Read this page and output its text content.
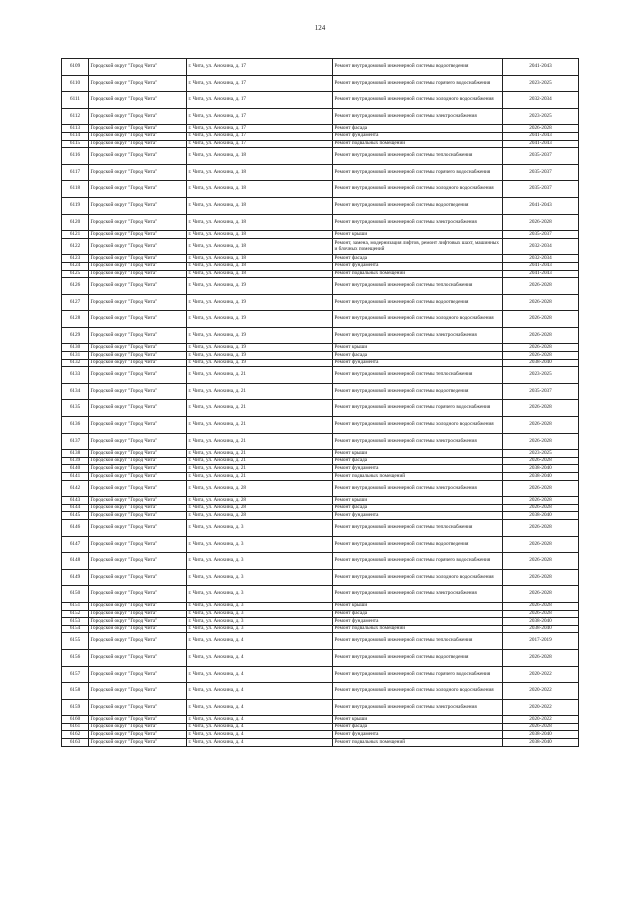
124
6109	Городской округ "Город Чита"	г. Чита, ул. Анохина, д. 17	Ремонт внутридомовой инженерной системы водоотведения	2041-2043
6110	Городской округ "Город Чита"	г. Чита, ул. Анохина, д. 17	Ремонт внутридомовой инженерной системы горячего водоснабжения	2023-2025
6111	Городской округ "Город Чита"	г. Чита, ул. Анохина, д. 17	Ремонт внутридомовой инженерной системы холодного водоснабжения	2032-2034
6112	Городской округ "Город Чита"	г. Чита, ул. Анохина, д. 17	Ремонт внутридомовой инженерной системы электроснабжения	2023-2025
6113	Городской округ "Город Чита"	г. Чита, ул. Анохина, д. 17	Ремонт фасада	2026-2028
6114	Городской округ "Город Чита"	г. Чита, ул. Анохина, д. 17	Ремонт фундамента	2041-2043
6115	Городской округ "Город Чита"	г. Чита, ул. Анохина, д. 17	Ремонт подвальных помещений	2041-2043
6116	Городской округ "Город Чита"	г. Чита, ул. Анохина, д. 18	Ремонт внутридомовой инженерной системы теплоснабжения	2035-2037
6117	Городской округ "Город Чита"	г. Чита, ул. Анохина, д. 18	Ремонт внутридомовой инженерной системы горячего водоснабжения	2035-2037
6118	Городской округ "Город Чита"	г. Чита, ул. Анохина, д. 18	Ремонт внутридомовой инженерной системы холодного водоснабжения	2035-2037
6119	Городской округ "Город Чита"	г. Чита, ул. Анохина, д. 18	Ремонт внутридомовой инженерной системы водоотведения	2041-2043
6120	Городской округ "Город Чита"	г. Чита, ул. Анохина, д. 18	Ремонт внутридомовой инженерной системы электроснабжения	2026-2028
6121	Городской округ "Город Чита"	г. Чита, ул. Анохина, д. 18	Ремонт крыши	2035-2037
6122	Городской округ "Город Чита"	г. Чита, ул. Анохина, д. 18	Ремонт, замена, модернизация лифтов, ремонт лифтовых шахт, машинных и блочных помещений	2032-2034
6123	Городской округ "Город Чита"	г. Чита, ул. Анохина, д. 18	Ремонт фасада	2032-2034
6124	Городской округ "Город Чита"	г. Чита, ул. Анохина, д. 18	Ремонт фундамента	2041-2043
6125	Городской округ "Город Чита"	г. Чита, ул. Анохина, д. 18	Ремонт подвальных помещений	2041-2043
6126	Городской округ "Город Чита"	г. Чита, ул. Анохина, д. 19	Ремонт внутридомовой инженерной системы теплоснабжения	2026-2028
6127	Городской округ "Город Чита"	г. Чита, ул. Анохина, д. 19	Ремонт внутридомовой инженерной системы водоотведения	2026-2028
6128	Городской округ "Город Чита"	г. Чита, ул. Анохина, д. 19	Ремонт внутридомовой инженерной системы холодного водоснабжения	2026-2028
6129	Городской округ "Город Чита"	г. Чита, ул. Анохина, д. 19	Ремонт внутридомовой инженерной системы электроснабжения	2026-2028
6130	Городской округ "Город Чита"	г. Чита, ул. Анохина, д. 19	Ремонт крыши	2026-2028
6131	Городской округ "Город Чита"	г. Чита, ул. Анохина, д. 19	Ремонт фасада	2026-2028
6132	Городской округ "Город Чита"	г. Чита, ул. Анохина, д. 19	Ремонт фундамента	2038-2040
6133	Городской округ "Город Чита"	г. Чита, ул. Анохина, д. 21	Ремонт внутридомовой инженерной системы теплоснабжения	2023-2025
6134	Городской округ "Город Чита"	г. Чита, ул. Анохина, д. 21	Ремонт внутридомовой инженерной системы водоотведения	2035-2037
6135	Городской округ "Город Чита"	г. Чита, ул. Анохина, д. 21	Ремонт внутридомовой инженерной системы горячего водоснабжения	2026-2028
6136	Городской округ "Город Чита"	г. Чита, ул. Анохина, д. 21	Ремонт внутридомовой инженерной системы холодного водоснабжения	2026-2028
6137	Городской округ "Город Чита"	г. Чита, ул. Анохина, д. 21	Ремонт внутридомовой инженерной системы электроснабжения	2026-2028
6138	Городской округ "Город Чита"	г. Чита, ул. Анохина, д. 21	Ремонт крыши	2023-2025
6139	Городской округ "Город Чита"	г. Чита, ул. Анохина, д. 21	Ремонт фасада	2026-2028
6140	Городской округ "Город Чита"	г. Чита, ул. Анохина, д. 21	Ремонт фундамента	2038-2040
6141	Городской округ "Город Чита"	г. Чита, ул. Анохина, д. 21	Ремонт подвальных помещений	2038-2040
6142	Городской округ "Город Чита"	г. Чита, ул. Анохина, д. 28	Ремонт внутридомовой инженерной системы электроснабжения	2026-2028
6143	Городской округ "Город Чита"	г. Чита, ул. Анохина, д. 28	Ремонт крыши	2026-2028
6144	Городской округ "Город Чита"	г. Чита, ул. Анохина, д. 28	Ремонт фасада	2026-2028
6145	Городской округ "Город Чита"	г. Чита, ул. Анохина, д. 28	Ремонт фундамента	2038-2040
6146	Городской округ "Город Чита"	г. Чита, ул. Анохина, д. 3	Ремонт внутридомовой инженерной системы теплоснабжения	2026-2028
6147	Городской округ "Город Чита"	г. Чита, ул. Анохина, д. 3	Ремонт внутридомовой инженерной системы водоотведения	2026-2028
6148	Городской округ "Город Чита"	г. Чита, ул. Анохина, д. 3	Ремонт внутридомовой инженерной системы горячего водоснабжения	2026-2028
6149	Городской округ "Город Чита"	г. Чита, ул. Анохина, д. 3	Ремонт внутридомовой инженерной системы холодного водоснабжения	2026-2028
6150	Городской округ "Город Чита"	г. Чита, ул. Анохина, д. 3	Ремонт внутридомовой инженерной системы электроснабжения	2026-2028
6151	Городской округ "Город Чита"	г. Чита, ул. Анохина, д. 3	Ремонт крыши	2026-2028
6152	Городской округ "Город Чита"	г. Чита, ул. Анохина, д. 3	Ремонт фасада	2026-2028
6153	Городской округ "Город Чита"	г. Чита, ул. Анохина, д. 3	Ремонт фундамента	2038-2040
6154	Городской округ "Город Чита"	г. Чита, ул. Анохина, д. 3	Ремонт подвальных помещений	2038-2040
6155	Городской округ "Город Чита"	г. Чита, ул. Анохина, д. 4	Ремонт внутридомовой инженерной системы теплоснабжения	2017-2019
6156	Городской округ "Город Чита"	г. Чита, ул. Анохина, д. 4	Ремонт внутридомовой инженерной системы водоотведения	2026-2028
6157	Городской округ "Город Чита"	г. Чита, ул. Анохина, д. 4	Ремонт внутридомовой инженерной системы горячего водоснабжения	2020-2022
6158	Городской округ "Город Чита"	г. Чита, ул. Анохина, д. 4	Ремонт внутридомовой инженерной системы холодного водоснабжения	2020-2022
6159	Городской округ "Город Чита"	г. Чита, ул. Анохина, д. 4	Ремонт внутридомовой инженерной системы электроснабжения	2020-2022
6160	Городской округ "Город Чита"	г. Чита, ул. Анохина, д. 4	Ремонт крыши	2020-2022
6161	Городской округ "Город Чита"	г. Чита, ул. Анохина, д. 4	Ремонт фасада	2026-2028
6162	Городской округ "Город Чита"	г. Чита, ул. Анохина, д. 4	Ремонт фундамента	2038-2040
6163	Городской округ "Город Чита"	г. Чита, ул. Анохина, д. 4	Ремонт подвальных помещений	2038-2040
